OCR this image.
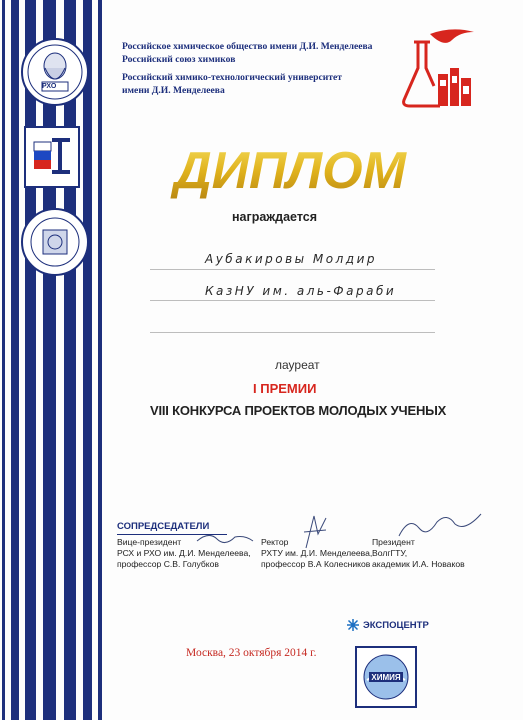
РХО
Российское химическое общество имени Д.И. Менделеева
Российский союз химиков
Российский химико-технологический университет
имени Д.И. Менделеева
ДИПЛОМ
награждается
Аубакировы Молдир
КазНУ им. аль-Фараби
лауреат
I ПРЕМИИ
VIII КОНКУРСА ПРОЕКТОВ МОЛОДЫХ УЧЕНЫХ
СОПРЕДСЕДАТЕЛИ
Вице-президент
РСХ и РХО им. Д.И. Менделеева,
профессор С.В. Голубков
Ректор
РХТУ им. Д.И. Менделеева,
профессор В.А Колесников
Президент
ВолгГТУ,
академик И.А. Новаков
ЭКСПОЦЕНТР
Москва, 23 октября 2014 г.
ХИМИЯ
